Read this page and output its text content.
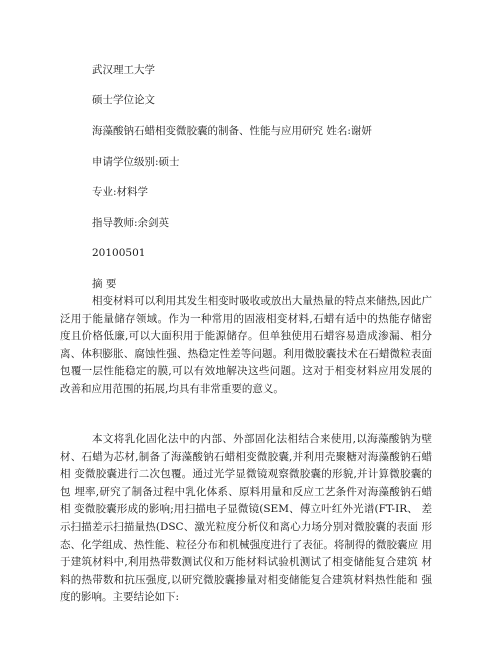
武汉理工大学
硕士学位论文
海藻酸钠石蜡相变微胶囊的制备、性能与应用研究 姓名:谢妍
申请学位级别:硕士
专业:材料学
指导教师:余剑英
20100501
摘 要

相变材料可以利用其发生相变时吸收或放出大量热量的特点来储热,因此广 泛用于能量储存领域。作为一种常用的固液相变材料,石蜡有适中的热能存储密 度且价格低廉,可以大面积用于能源储存。但单独使用石蜡容易造成渗漏、相分 离、体积膨胀、腐蚀性强、热稳定性差等问题。利用微胶囊技术在石蜡微粒表面 包覆一层性能稳定的膜,可以有效地解决这些问题。这对于相变材料应用发展的 改善和应用范围的拓展,均具有非常重要的意义。

本文将乳化固化法中的内部、外部固化法相结合来使用,以海藻酸钠为壁材、石蜡为芯材,制备了海藻酸钠石蜡相变微胶囊,并利用壳聚糖对海藻酸钠石蜡相 变微胶囊进行二次包覆。通过光学显微镜观察微胶囊的形貌,并计算微胶囊的包 埋率,研究了制备过程中乳化体系、原料用量和反应工艺条件对海藻酸钠石蜡相 变微胶囊形成的影响;用扫描电子显微镜(SEM、傅立叶红外光谱(FT-IR、 差示扫描差示扫描量热(DSC、激光粒度分析仪和离心力场分别对微胶囊的表面 形态、化学组成、热性能、粒径分布和机械强度进行了表征。将制得的微胶囊应 用于建筑材料中,利用热带数测试仪和万能材料试验机测试了相变储能复合建筑 材料的热带数和抗压强度,以研究微胶囊掺量对相变储能复合建筑材料热性能和 强度的影响。主要结论如下:
